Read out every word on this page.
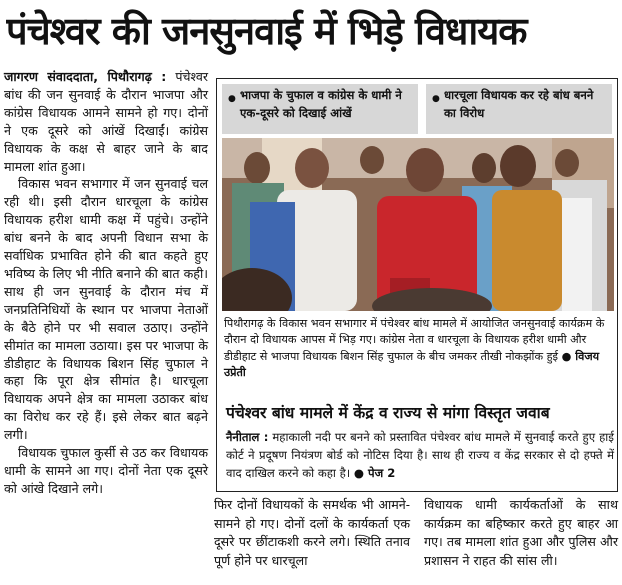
पंचेश्वर की जनसुनवाई में भिड़े विधायक

जागरण संवाददाता, पिथौरागढ़ : पंचेश्वर बांध की जन सुनवाई के दौरान भाजपा और कांग्रेस विधायक आमने सामने हो गए। दोनों ने एक दूसरे को आंखें दिखाईं। कांग्रेस विधायक के कक्ष से बाहर जाने के बाद मामला शांत हुआ।

विकास भवन सभागार में जन सुनवाई चल रही थी। इसी दौरान धारचूला के कांग्रेस विधायक हरीश धामी कक्ष में पहुंचे। उन्होंने बांध बनने के बाद अपनी विधान सभा के सर्वाधिक प्रभावित होने की बात कहते हुए भविष्य के लिए भी नीति बनाने की बात कही। साथ ही जन सुनवाई के दौरान मंच में जनप्रतिनिधियों के स्थान पर भाजपा नेताओं के बैठे होने पर भी सवाल उठाए। उन्होंने सीमांत का मामला उठाया। इस पर भाजपा के डीडीहाट के विधायक बिशन सिंह चुफाल ने कहा कि पूरा क्षेत्र सीमांत है। धारचूला विधायक अपने क्षेत्र का मामला उठाकर बांध का विरोध कर रहे हैं। इसे लेकर बात बढ़ने लगी।

विधायक चुफाल कुर्सी से उठ कर विधायक धामी के सामने आ गए। दोनों नेता एक दूसरे को आंखे दिखाने लगे।

● भाजपा के चुफाल व कांग्रेस के धामी ने एक-दूसरे को दिखाई आंखें
● धारचूला विधायक कर रहे बांध बनने का विरोध
पिथौरागढ़ के विकास भवन सभागार में पंचेश्वर बांध मामले में आयोजित जनसुनवाई कार्यक्रम के दौरान दो विधायक आपस में भिड़ गए। कांग्रेस नेता व धारचूला के विधायक हरीश धामी और डीडीहाट से भाजपा विधायक बिशन सिंह चुफाल के बीच जमकर तीखी नोकझोंक हुई ● विजय उप्रेती
पंचेश्वर बांध मामले में केंद्र व राज्य से मांगा विस्तृत जवाब
नैनीताल : महाकाली नदी पर बनने को प्रस्तावित पंचेश्वर बांध मामले में सुनवाई करते हुए हाई कोर्ट ने प्रदूषण नियंत्रण बोर्ड को नोटिस दिया है। साथ ही राज्य व केंद्र सरकार से दो हफ्ते में वाद दाखिल करने को कहा है। ● पेज 2

फिर दोनों विधायकों के समर्थक भी आमने-सामने हो गए। दोनों दलों के कार्यकर्ता एक दूसरे पर छींटाकशी करने लगे। स्थिति तनाव पूर्ण होने पर धारचूला

विधायक धामी कार्यकर्ताओं के साथ कार्यक्रम का बहिष्कार करते हुए बाहर आ गए। तब मामला शांत हुआ और पुलिस और प्रशासन ने राहत की सांस ली।
